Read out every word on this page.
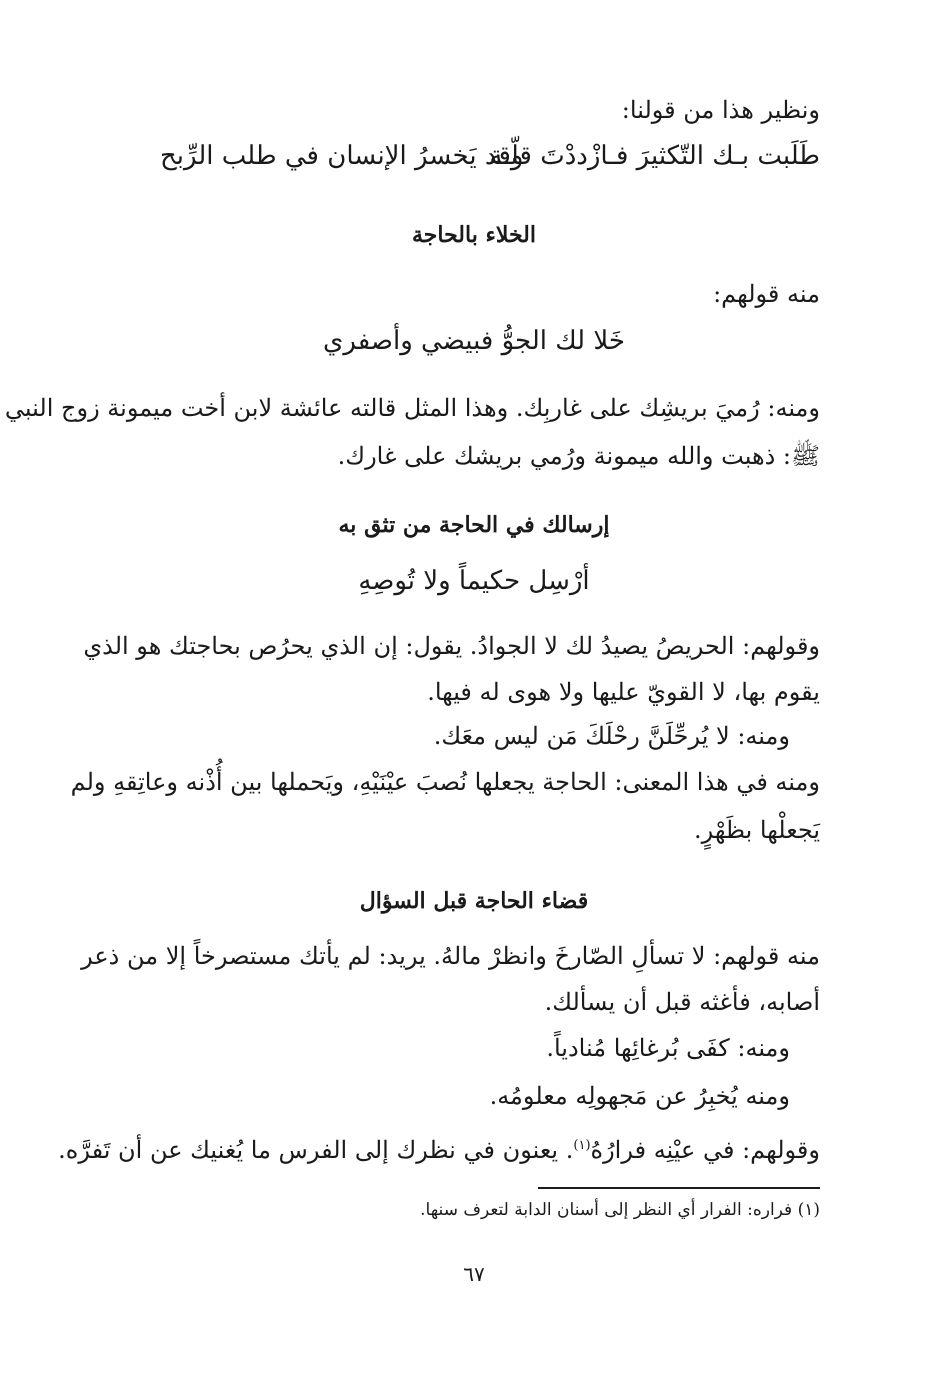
ونظير هذا من قولنا:
طَلَبت بـك التّكثيرَ فـازْددْتَ قلّـة
وقد يَخسرُ الإنسان في طلب الرِّبح
الخلاء بالحاجة
منه قولهم:
خَلا لك الجوُّ فبيضي وأصفري
ومنه: رُميَ بريشِك على غاربِك. وهذا المثل قالته عائشة لابن أخت ميمونة زوج النبي
ﷺ: ذهبت والله ميمونة ورُمي بريشك على غارك.
إرسالك في الحاجة من تثق به
أرْسِل حكيماً ولا تُوصِهِ
وقولهم: الحريصُ يصيدُ لك لا الجوادُ. يقول: إن الذي يحرُص بحاجتك هو الذي
يقوم بها، لا القويّ عليها ولا هوى له فيها.
ومنه: لا يُرحِّلَنَّ رحْلَكَ مَن ليس معَك.
ومنه في هذا المعنى: الحاجة يجعلها نُصبَ عيْنَيْهِ، ويَحملها بين أُذْنه وعاتِقهِ ولم
يَجعلْها بظَهْرٍ.
قضاء الحاجة قبل السؤال
منه قولهم: لا تسألِ الصّارخَ وانظرْ مالهُ. يريد: لم يأتك مستصرخاً إلا من ذعر
أصابه، فأغثه قبل أن يسألك.
ومنه: كفَى بُرغائِها مُنادياً.
ومنه يُخبِرُ عن مَجهولِه معلومُه.
وقولهم: في عيْنِه فرارُهُ$^{(١)}$. يعنون في نظرك إلى الفرس ما يُغنيك عن أن تَفرَّه.
(١) فراره: الفرار أي النظر إلى أسنان الدابة لتعرف سنها.
٦٧
